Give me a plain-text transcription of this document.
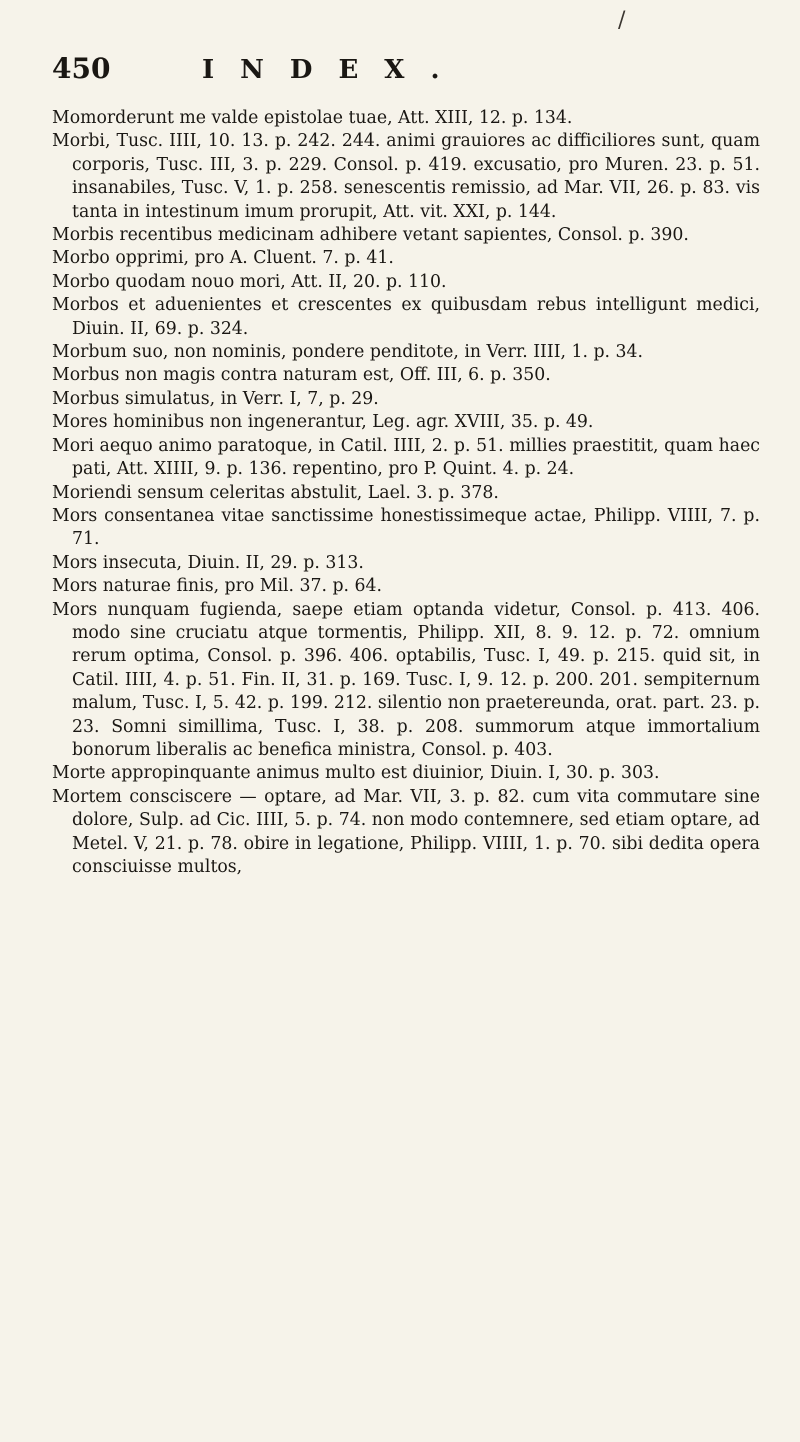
/
450	INDEX.

Momorderunt me valde epistolae tuae, Att. XIII, 12. p. 134.

Morbi, Tusc. IIII, 10. 13. p. 242. 244. animi grauiores ac difficiliores sunt, quam corporis, Tusc. III, 3. p. 229. Consol. p. 419. excusatio, pro Muren. 23. p. 51. insanabiles, Tusc. V, 1. p. 258. senescentis remissio, ad Mar. VII, 26. p. 83. vis tanta in intestinum imum prorupit, Att. vit. XXI, p. 144.

Morbis recentibus medicinam adhibere vetant sapientes, Consol. p. 390.

Morbo opprimi, pro A. Cluent. 7. p. 41.

Morbo quodam nouo mori, Att. II, 20. p. 110.

Morbos et aduenientes et crescentes ex quibusdam rebus intelligunt medici, Diuin. II, 69. p. 324.

Morbum suo, non nominis, pondere penditote, in Verr. IIII, 1. p. 34.

Morbus non magis contra naturam est, Off. III, 6. p. 350.

Morbus simulatus, in Verr. I, 7, p. 29.

Mores hominibus non ingenerantur, Leg. agr. XVIII, 35. p. 49.

Mori aequo animo paratoque, in Catil. IIII, 2. p. 51. millies praestitit, quam haec pati, Att. XIIII, 9. p. 136. repentino, pro P. Quint. 4. p. 24.

Moriendi sensum celeritas abstulit, Lael. 3. p. 378.

Mors consentanea vitae sanctissime honestissimeque actae, Philipp. VIIII, 7. p. 71.

Mors insecuta, Diuin. II, 29. p. 313.

Mors naturae finis, pro Mil. 37. p. 64.

Mors nunquam fugienda, saepe etiam optanda videtur, Consol. p. 413. 406. modo sine cruciatu atque tormentis, Philipp. XII, 8. 9. 12. p. 72. omnium rerum optima, Consol. p. 396. 406. optabilis, Tusc. I, 49. p. 215. quid sit, in Catil. IIII, 4. p. 51. Fin. II, 31. p. 169. Tusc. I, 9. 12. p. 200. 201. sempiternum malum, Tusc. I, 5. 42. p. 199. 212. silentio non praetereunda, orat. part. 23. p. 23. Somni simillima, Tusc. I, 38. p. 208. summorum atque immortalium bonorum liberalis ac benefica ministra, Consol. p. 403.

Morte appropinquante animus multo est diuinior, Diuin. I, 30. p. 303.

Mortem consciscere — optare, ad Mar. VII, 3. p. 82. cum vita commutare sine dolore, Sulp. ad Cic. IIII, 5. p. 74. non modo contemnere, sed etiam optare, ad Metel. V, 21. p. 78. obire in legatione, Philipp. VIIII, 1. p. 70. sibi dedita opera consciuisse multos,
